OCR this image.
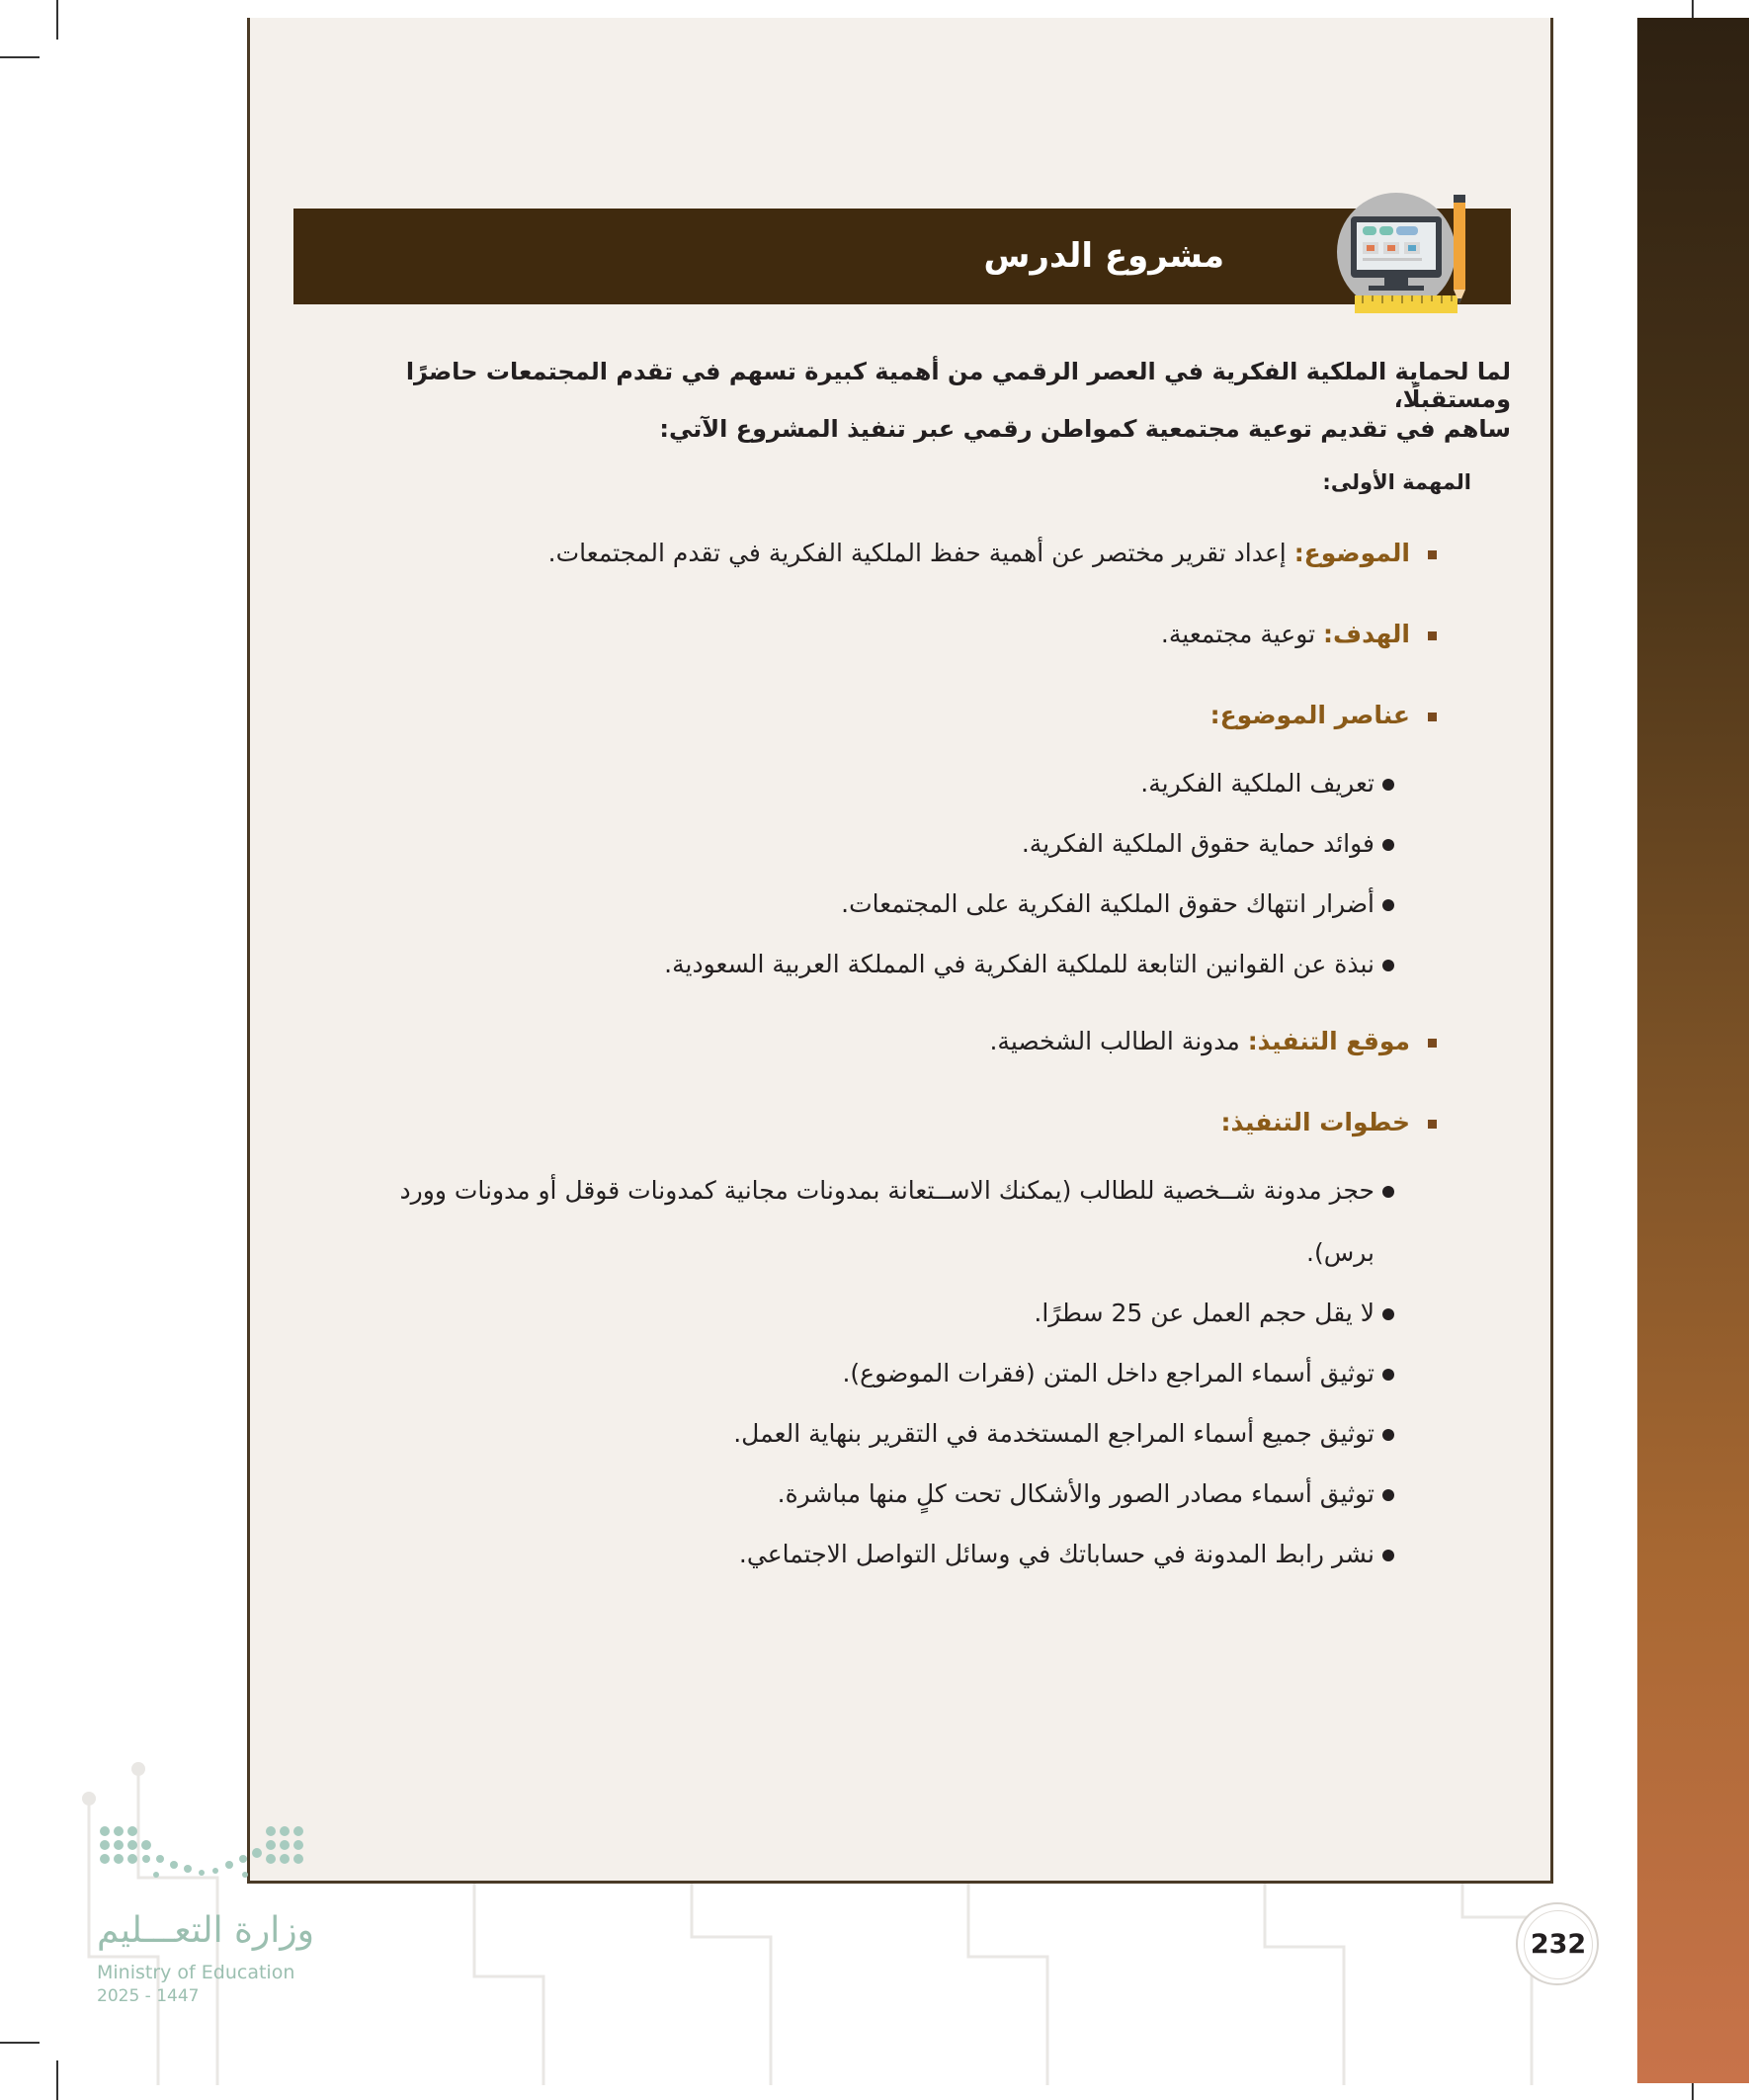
مشروع الدرس
لما لحماية الملكية الفكرية في العصر الرقمي من أهمية كبيرة تسهم في تقدم المجتمعات حاضرًا ومستقبلًا،
ساهم في تقديم توعية مجتمعية كمواطن رقمي عبر تنفيذ المشروع الآتي:
المهمة الأولى:
الموضوع: إعداد تقرير مختصر عن أهمية حفظ الملكية الفكرية في تقدم المجتمعات.
الهدف: توعية مجتمعية.
عناصر الموضوع:
تعريف الملكية الفكرية.
فوائد حماية حقوق الملكية الفكرية.
أضرار انتهاك حقوق الملكية الفكرية على المجتمعات.
نبذة عن القوانين التابعة للملكية الفكرية في المملكة العربية السعودية.
موقع التنفيذ: مدونة الطالب الشخصية.
خطوات التنفيذ:
حجز مدونة شــخصية للطالب (يمكنك الاســتعانة بمدونات مجانية كمدونات قوقل أو مدونات وورد
برس).
لا يقل حجم العمل عن 25 سطرًا.
توثيق أسماء المراجع داخل المتن (فقرات الموضوع).
توثيق جميع أسماء المراجع المستخدمة في التقرير بنهاية العمل.
توثيق أسماء مصادر الصور والأشكال تحت كلٍ منها مباشرة.
نشر رابط المدونة في حساباتك في وسائل التواصل الاجتماعي.
وزارة التعـــليم
Ministry of Education
2025 - 1447
232
